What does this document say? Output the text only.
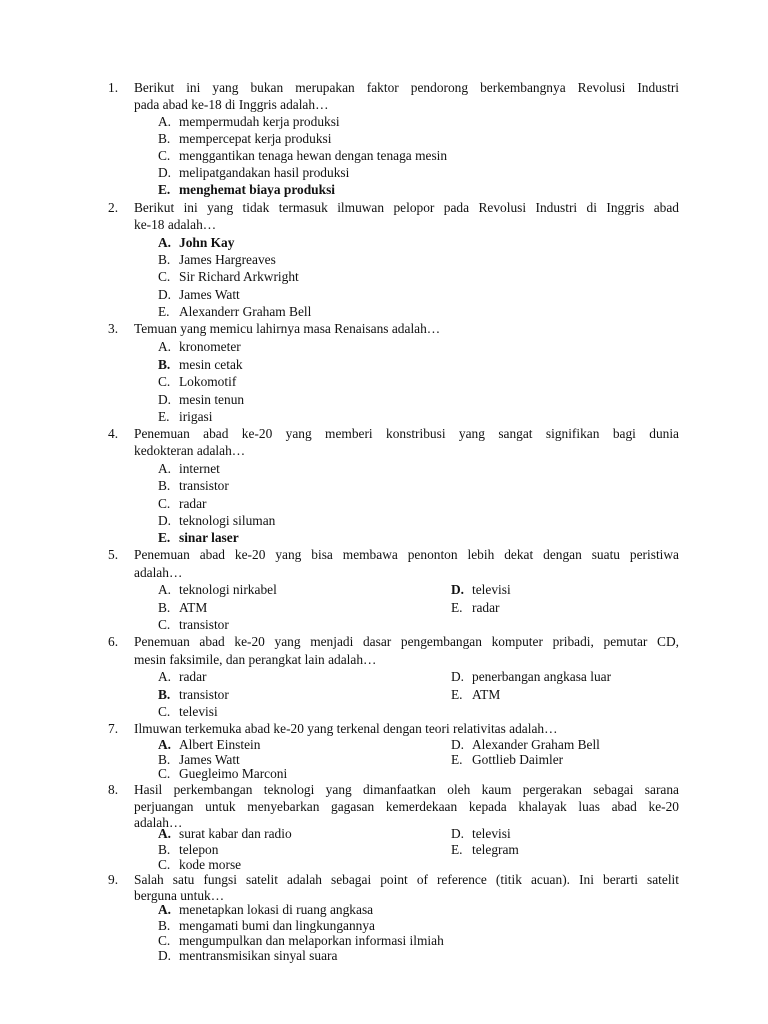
1. Berikut ini yang bukan merupakan faktor pendorong berkembangnya Revolusi Industri
pada abad ke-18 di Inggris adalah…
A. mempermudah kerja produksi
B. mempercepat kerja produksi
C. menggantikan tenaga hewan dengan tenaga mesin
D. melipatgandakan hasil produksi
E. menghemat biaya produksi
2. Berikut ini yang tidak termasuk ilmuwan pelopor pada Revolusi Industri di Inggris abad
ke-18 adalah…
A. John Kay
B. James Hargreaves
C. Sir Richard Arkwright
D. James Watt
E. Alexanderr Graham Bell
3. Temuan yang memicu lahirnya masa Renaisans adalah…
A. kronometer
B. mesin cetak
C. Lokomotif
D. mesin tenun
E. irigasi
4. Penemuan abad ke-20 yang memberi konstribusi yang sangat signifikan bagi dunia
kedokteran adalah…
A. internet
B. transistor
C. radar
D. teknologi siluman
E. sinar laser
5. Penemuan abad ke-20 yang bisa membawa penonton lebih dekat dengan suatu peristiwa
adalah…
A. teknologi nirkabel	D. televisi
B. ATM	E. radar
C. transistor
6. Penemuan abad ke-20 yang menjadi dasar pengembangan komputer pribadi, pemutar CD,
mesin faksimile, dan perangkat lain adalah…
A. radar	D. penerbangan angkasa luar
B. transistor	E. ATM
C. televisi
7. Ilmuwan terkemuka abad ke-20 yang terkenal dengan teori relativitas adalah…
A. Albert Einstein	D. Alexander Graham Bell
B. James Watt	E. Gottlieb Daimler
C. Guegleimo Marconi
8. Hasil perkembangan teknologi yang dimanfaatkan oleh kaum pergerakan sebagai sarana
perjuangan untuk menyebarkan gagasan kemerdekaan kepada khalayak luas abad ke-20
adalah…
A. surat kabar dan radio	D. televisi
B. telepon	E. telegram
C. kode morse
9. Salah satu fungsi satelit adalah sebagai point of reference (titik acuan). Ini berarti satelit
berguna untuk…
A. menetapkan lokasi di ruang angkasa
B. mengamati bumi dan lingkungannya
C. mengumpulkan dan melaporkan informasi ilmiah
D. mentransmisikan sinyal suara
